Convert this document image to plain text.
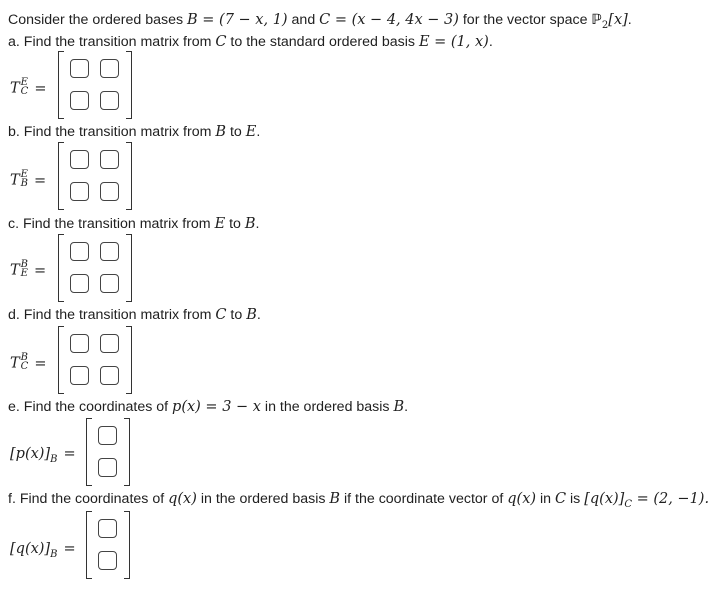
Consider the ordered bases B = (7 − x, 1) and C = (x − 4, 4x − 3) for the vector space ℙ$_2$[x].
a. Find the transition matrix from C to the standard ordered basis E = (1, x).
T E
C =
b. Find the transition matrix from B to E.
T E
B =
c. Find the transition matrix from E to B.
T B
E =
d. Find the transition matrix from C to B.
T B
C =
e. Find the coordinates of p(x) = 3 − x in the ordered basis B.
$[p(x)]_B$ =
f. Find the coordinates of q(x) in the ordered basis B if the coordinate vector of q(x) in C is $[q(x)]_C = (2$, −1).
$[q(x)]_B$ =
